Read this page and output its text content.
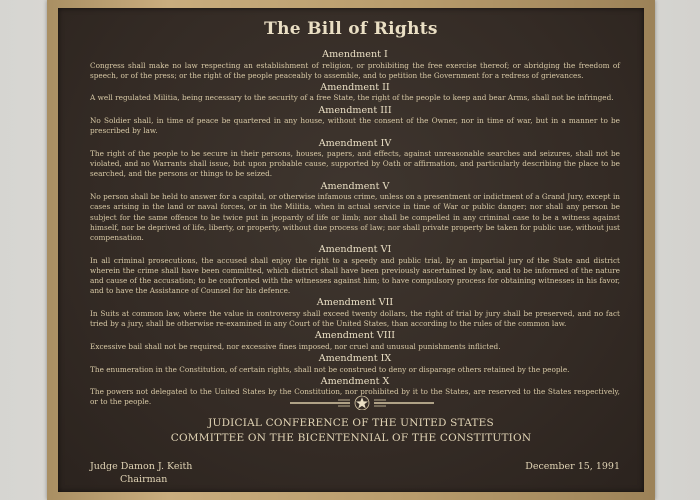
The Bill of Rights
Amendment I
Congress shall make no law respecting an establishment of religion, or prohibiting the free exercise thereof; or abridging the freedom of speech, or of the press; or the right of the people peaceably to assemble, and to petition the Government for a redress of grievances.
Amendment II
A well regulated Militia, being necessary to the security of a free State, the right of the people to keep and bear Arms, shall not be infringed.
Amendment III
No Soldier shall, in time of peace be quartered in any house, without the consent of the Owner, nor in time of war, but in a manner to be prescribed by law.
Amendment IV
The right of the people to be secure in their persons, houses, papers, and effects, against unreasonable searches and seizures, shall not be violated, and no Warrants shall issue, but upon probable cause, supported by Oath or affirmation, and particularly describing the place to be searched, and the persons or things to be seized.
Amendment V
No person shall be held to answer for a capital, or otherwise infamous crime, unless on a presentment or indictment of a Grand Jury, except in cases arising in the land or naval forces, or in the Militia, when in actual service in time of War or public danger; nor shall any person be subject for the same offence to be twice put in jeopardy of life or limb; nor shall be compelled in any criminal case to be a witness against himself, nor be deprived of life, liberty, or property, without due process of law; nor shall private property be taken for public use, without just compensation.
Amendment VI
In all criminal prosecutions, the accused shall enjoy the right to a speedy and public trial, by an impartial jury of the State and district wherein the crime shall have been committed, which district shall have been previously ascertained by law, and to be informed of the nature and cause of the accusation; to be confronted with the witnesses against him; to have compulsory process for obtaining witnesses in his favor, and to have the Assistance of Counsel for his defence.
Amendment VII
In Suits at common law, where the value in controversy shall exceed twenty dollars, the right of trial by jury shall be preserved, and no fact tried by a jury, shall be otherwise re-examined in any Court of the United States, than according to the rules of the common law.
Amendment VIII
Excessive bail shall not be required, nor excessive fines imposed, nor cruel and unusual punishments inflicted.
Amendment IX
The enumeration in the Constitution, of certain rights, shall not be construed to deny or disparage others retained by the people.
Amendment X
The powers not delegated to the United States by the Constitution, nor prohibited by it to the States, are reserved to the States respectively, or to the people.
JUDICIAL CONFERENCE OF THE UNITED STATES
COMMITTEE ON THE BICENTENNIAL OF THE CONSTITUTION
Judge Damon J. Keith
Chairman
December 15, 1991
